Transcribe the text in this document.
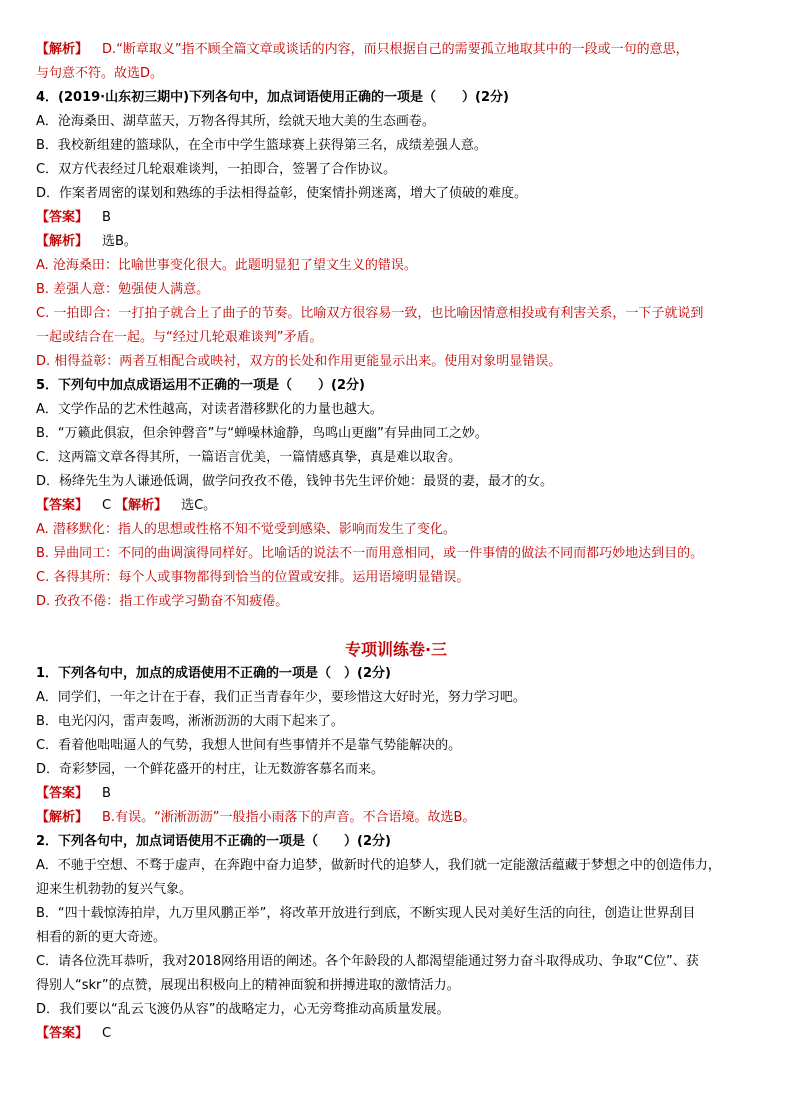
【解析】 D.“断章取义”指不顾全篇文章或谈话的内容，而只根据自己的需要孤立地取其中的一段或一句的意思，
与句意不符。故选D。
4．(2019·山东初三期中)下列各句中，加点词语使用正确的一项是（　　）(2分)
A．沧海桑田、湖草蓝天，万物各得其所，绘就天地大美的生态画卷。
B．我校新组建的篮球队，在全市中学生篮球赛上获得第三名，成绩差强人意。
C．双方代表经过几轮艰难谈判，一拍即合，签署了合作协议。
D．作案者周密的谋划和熟练的手法相得益彰，使案情扑朔迷离，增大了侦破的难度。
【答案】 B
【解析】 选B。
A. 沧海桑田：比喻世事变化很大。此题明显犯了望文生义的错误。
B. 差强人意：勉强使人满意。
C. 一拍即合：一打拍子就合上了曲子的节奏。比喻双方很容易一致，也比喻因情意相投或有利害关系，一下子就说到
一起或结合在一起。与“经过几轮艰难谈判”矛盾。
D. 相得益彰：两者互相配合或映衬，双方的长处和作用更能显示出来。使用对象明显错误。
5．下列句中加点成语运用不正确的一项是（　　）(2分)
A．文学作品的艺术性越高，对读者潜移默化的力量也越大。
B．“万籁此俱寂，但余钟磬音”与“蝉噪林逾静，鸟鸣山更幽”有异曲同工之妙。
C．这两篇文章各得其所，一篇语言优美，一篇情感真挚，真是难以取舍。
D．杨绛先生为人谦逊低调，做学问孜孜不倦，钱钟书先生评价她：最贤的妻，最才的女。
【答案】 C 【解析】 选C。
A. 潜移默化：指人的思想或性格不知不觉受到感染、影响而发生了变化。
B. 异曲同工：不同的曲调演得同样好。比喻话的说法不一而用意相同，或一件事情的做法不同而都巧妙地达到目的。
C. 各得其所：每个人或事物都得到恰当的位置或安排。运用语境明显错误。
D. 孜孜不倦：指工作或学习勤奋不知疲倦。
专项训练卷·三
1．下列各句中，加点的成语使用不正确的一项是（　）(2分)
A．同学们，一年之计在于春，我们正当青春年少，要珍惜这大好时光，努力学习吧。
B．电光闪闪，雷声轰鸣，淅淅沥沥的大雨下起来了。
C．看着他咄咄逼人的气势，我想人世间有些事情并不是靠气势能解决的。
D．奇彩梦园，一个鲜花盛开的村庄，让无数游客慕名而来。
【答案】 B
【解析】 B.有误。“淅淅沥沥”一般指小雨落下的声音。不合语境。故选B。
2．下列各句中，加点词语使用不正确的一项是（　　）(2分)
A．不驰于空想、不骛于虚声，在奔跑中奋力追梦，做新时代的追梦人，我们就一定能激活蕴藏于梦想之中的创造伟力，
迎来生机勃勃的复兴气象。
B．“四十载惊涛拍岸，九万里风鹏正举”，将改革开放进行到底，不断实现人民对美好生活的向往，创造让世界刮目
相看的新的更大奇迹。
C．请各位洗耳恭听，我对2018网络用语的阐述。各个年龄段的人都渴望能通过努力奋斗取得成功、争取“C位”、获
得别人“skr”的点赞，展现出积极向上的精神面貌和拼搏进取的激情活力。
D．我们要以“乱云飞渡仍从容”的战略定力，心无旁骛推动高质量发展。
【答案】 C
